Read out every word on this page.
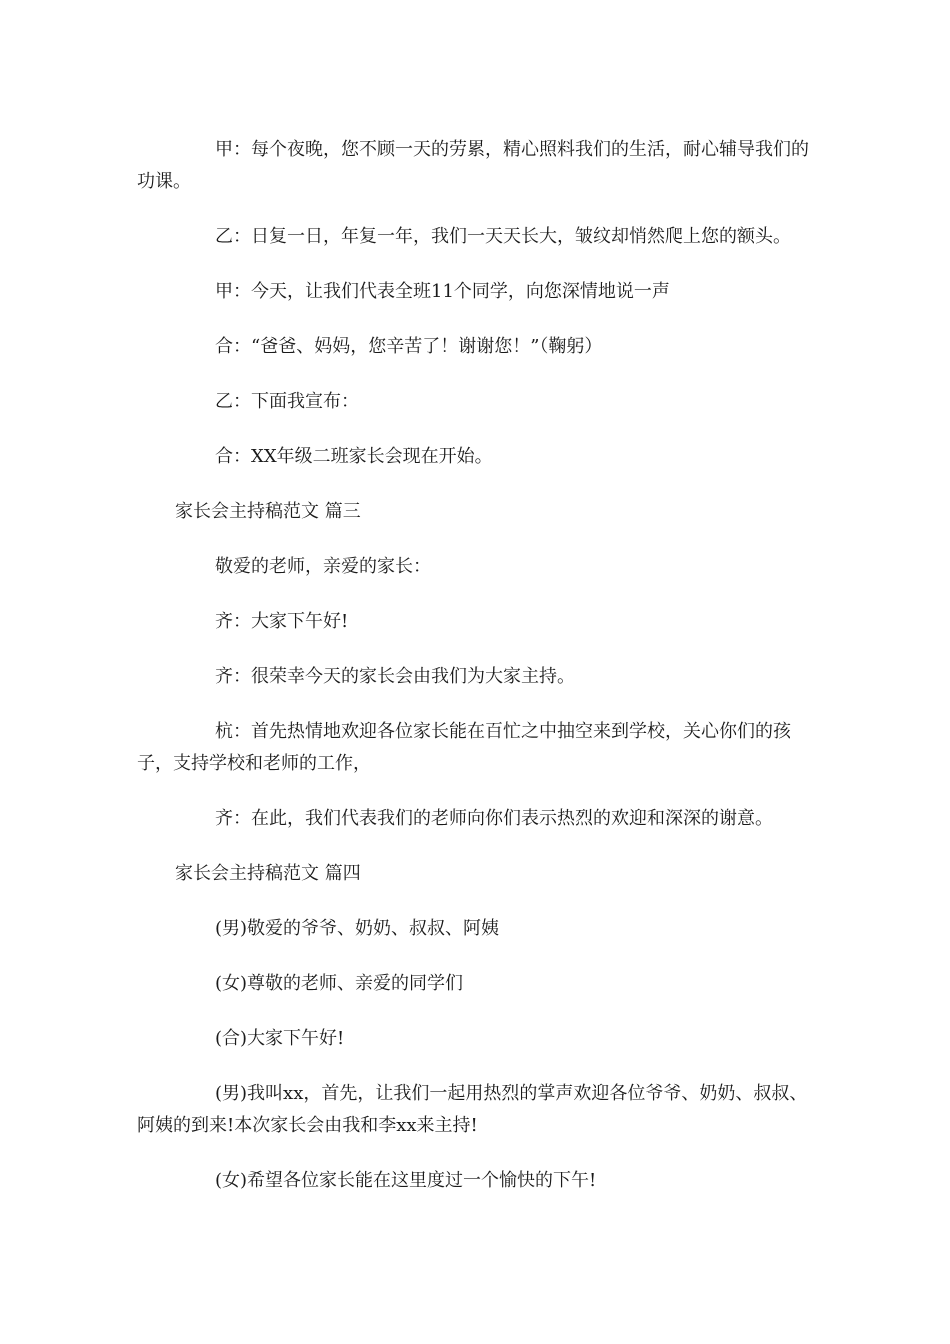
甲：每个夜晚，您不顾一天的劳累，精心照料我们的生活，耐心辅导我们的功课。
乙：日复一日，年复一年，我们一天天长大，皱纹却悄然爬上您的额头。
甲：今天，让我们代表全班11个同学，向您深情地说一声
合：“爸爸、妈妈，您辛苦了！谢谢您！”（鞠躬）
乙：下面我宣布：
合：XX年级二班家长会现在开始。
家长会主持稿范文 篇三
敬爱的老师，亲爱的家长：
齐：大家下午好!
齐：很荣幸今天的家长会由我们为大家主持。
杭：首先热情地欢迎各位家长能在百忙之中抽空来到学校，关心你们的孩子，支持学校和老师的工作，
齐：在此，我们代表我们的老师向你们表示热烈的欢迎和深深的谢意。
家长会主持稿范文 篇四
(男)敬爱的爷爷、奶奶、叔叔、阿姨
(女)尊敬的老师、亲爱的同学们
(合)大家下午好!
(男)我叫xx，首先，让我们一起用热烈的掌声欢迎各位爷爷、奶奶、叔叔、阿姨的到来!本次家长会由我和李xx来主持!
(女)希望各位家长能在这里度过一个愉快的下午!
